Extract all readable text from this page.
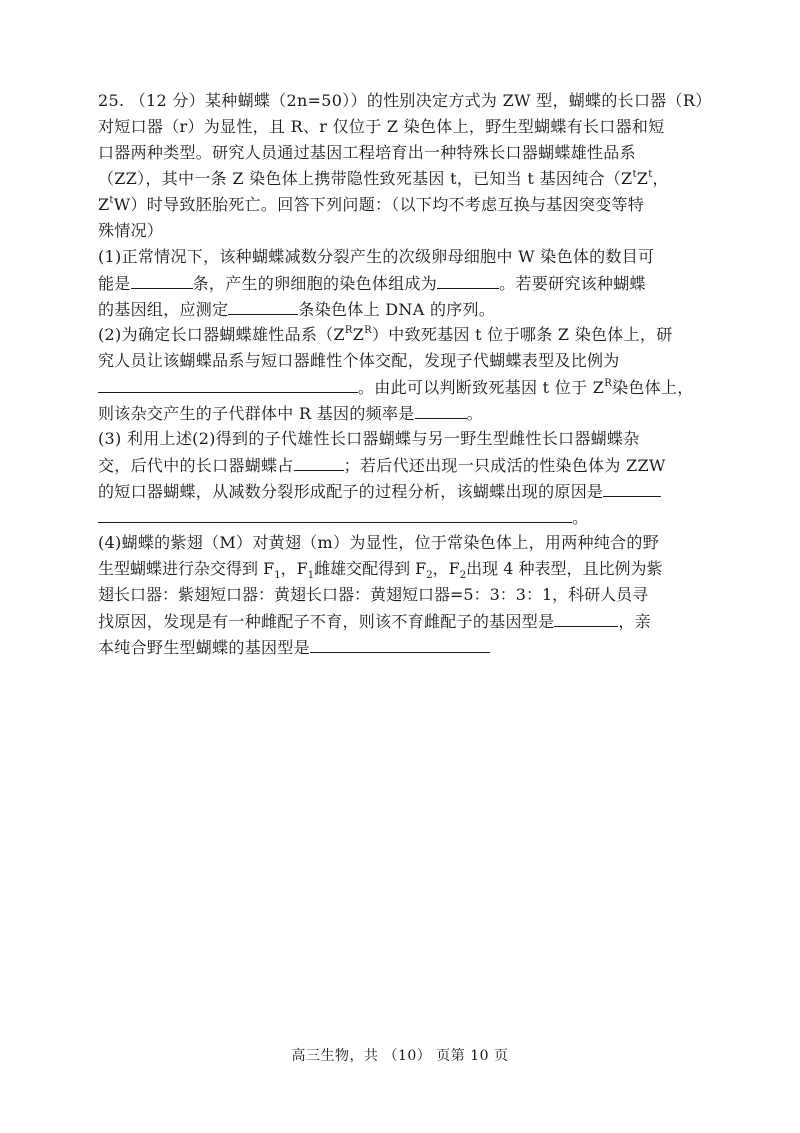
25. （12 分）某种蝴蝶（2n=50））的性别决定方式为 ZW 型，蝴蝶的长口器（R）
对短口器（r）为显性，且 R、r 仅位于 Z 染色体上，野生型蝴蝶有长口器和短
口器两种类型。研究人员通过基因工程培育出一种特殊长口器蝴蝶雄性品系
（ZZ），其中一条 Z 染色体上携带隐性致死基因 t，已知当 t 基因纯合（$Z^tZ^t$，
$Z^tW$）时导致胚胎死亡。回答下列问题：（以下均不考虑互换与基因突变等特
殊情况）
(1)正常情况下，该种蝴蝶减数分裂产生的次级卵母细胞中 W 染色体的数目可
能是	条，产生的卵细胞的染色体组成为	。若要研究该种蝴蝶
的基因组，应测定	条染色体上 DNA 的序列。
(2)为确定长口器蝴蝶雄性品系$(Z^RZ^R)$中致死基因 t 位于哪条 Z 染色体上，研
究人员让该蝴蝶品系与短口器雌性个体交配，发现子代蝴蝶表型及比例为
。由此可以判断致死基因 t 位于 $Z^R$染色体上，
则该杂交产生的子代群体中 R 基因的频率是	。
(3) 利用上述(2)得到的子代雄性长口器蝴蝶与另一野生型雌性长口器蝴蝶杂
交，后代中的长口器蝴蝶占	；若后代还出现一只成活的性染色体为 ZZW
的短口器蝴蝶，从减数分裂形成配子的过程分析，该蝴蝶出现的原因是
。
(4)蝴蝶的紫翅（M）对黄翅（m）为显性，位于常染色体上，用两种纯合的野
生型蝴蝶进行杂交得到 $F_1$，$F_1$雌雄交配得到 $F_2$，$F_2$出现 4 种表型，且比例为紫
翅长口器：紫翅短口器：黄翅长口器：黄翅短口器=5：3：3：1，科研人员寻
找原因，发现是有一种雌配子不育，则该不育雌配子的基因型是	，亲
本纯合野生型蝴蝶的基因型是
高三生物，共 （10） 页第 10 页
